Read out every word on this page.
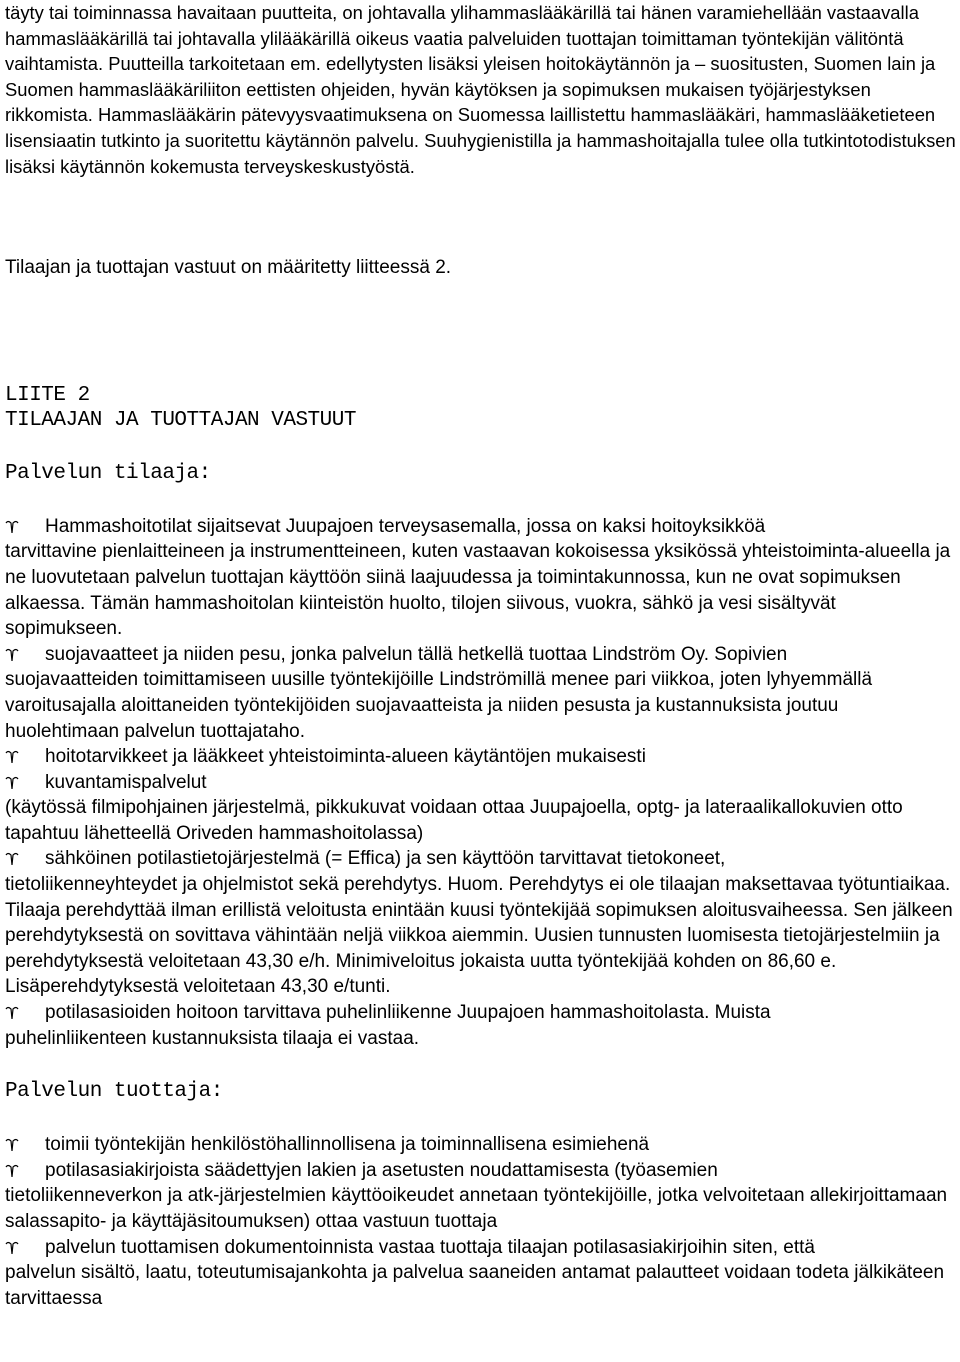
täyty tai toiminnassa havaitaan puutteita, on johtavalla ylihammaslääkärillä tai hänen varamiehellään vastaavalla hammaslääkärillä tai johtavalla ylilääkärillä oikeus vaatia palveluiden tuottajan toimittaman työntekijän välitöntä vaihtamista. Puutteilla tarkoitetaan em. edellytysten lisäksi yleisen hoitokäytännön ja – suositusten, Suomen lain ja Suomen hammaslääkäriliiton eettisten ohjeiden, hyvän käytöksen ja sopimuksen mukaisen työjärjestyksen rikkomista. Hammaslääkärin pätevyysvaatimuksena on Suomessa laillistettu hammaslääkäri, hammaslääketieteen lisensiaatin tutkinto ja suoritettu käytännön palvelu. Suuhygienistilla ja hammashoitajalla tulee olla tutkintotodistuksen lisäksi käytännön kokemusta terveyskeskustyöstä.

Tilaajan ja tuottajan vastuut on määritetty liitteessä 2.

LIITE 2
TILAAJAN JA TUOTTAJAN VASTUUT
Palvelun tilaaja:

Hammashoitotilat sijaitsevat Juupajoen terveysasemalla, jossa on kaksi hoitoyksikköä

tarvittavine pienlaitteineen ja instrumentteineen, kuten vastaavan kokoisessa yksikössä yhteistoiminta-alueella ja ne luovutetaan palvelun tuottajan käyttöön siinä laajuudessa ja toimintakunnossa, kun ne ovat sopimuksen alkaessa. Tämän hammashoitolan kiinteistön huolto, tilojen siivous, vuokra, sähkö ja vesi sisältyvät sopimukseen.

suojavaatteet ja niiden pesu, jonka palvelun tällä hetkellä tuottaa Lindström Oy. Sopivien

suojavaatteiden toimittamiseen uusille työntekijöille Lindströmillä menee pari viikkoa, joten lyhyemmällä varoitusajalla aloittaneiden työntekijöiden suojavaatteista ja niiden pesusta ja kustannuksista joutuu huolehtimaan palvelun tuottajataho.

hoitotarvikkeet ja lääkkeet yhteistoiminta-alueen käytäntöjen mukaisesti

kuvantamispalvelut

(käytössä filmipohjainen järjestelmä, pikkukuvat voidaan ottaa Juupajoella, optg- ja lateraalikallokuvien otto tapahtuu lähetteellä Oriveden hammashoitolassa)

sähköinen potilastietojärjestelmä (= Effica) ja sen käyttöön tarvittavat tietokoneet,

tietoliikenneyhteydet ja ohjelmistot sekä perehdytys. Huom. Perehdytys ei ole tilaajan maksettavaa työtuntiaikaa. Tilaaja perehdyttää ilman erillistä veloitusta enintään kuusi työntekijää sopimuksen aloitusvaiheessa. Sen jälkeen perehdytyksestä on sovittava vähintään neljä viikkoa aiemmin. Uusien tunnusten luomisesta tietojärjestelmiin ja perehdytyksestä veloitetaan 43,30 e/h. Minimiveloitus jokaista uutta työntekijää kohden on 86,60 e. Lisäperehdytyksestä veloitetaan 43,30 e/tunti.

potilasasioiden hoitoon tarvittava puhelinliikenne Juupajoen hammashoitolasta. Muista

puhelinliikenteen kustannuksista tilaaja ei vastaa.

Palvelun tuottaja:

toimii työntekijän henkilöstöhallinnollisena ja toiminnallisena esimiehenä

potilasasiakirjoista säädettyjen lakien ja asetusten noudattamisesta (työasemien

tietoliikenneverkon ja atk-järjestelmien käyttöoikeudet annetaan työntekijöille, jotka velvoitetaan allekirjoittamaan salassapito- ja käyttäjäsitoumuksen) ottaa vastuun tuottaja

palvelun tuottamisen dokumentoinnista vastaa tuottaja tilaajan potilasasiakirjoihin siten, että

palvelun sisältö, laatu, toteutumisajankohta ja palvelua saaneiden antamat palautteet voidaan todeta jälkikäteen tarvittaessa
